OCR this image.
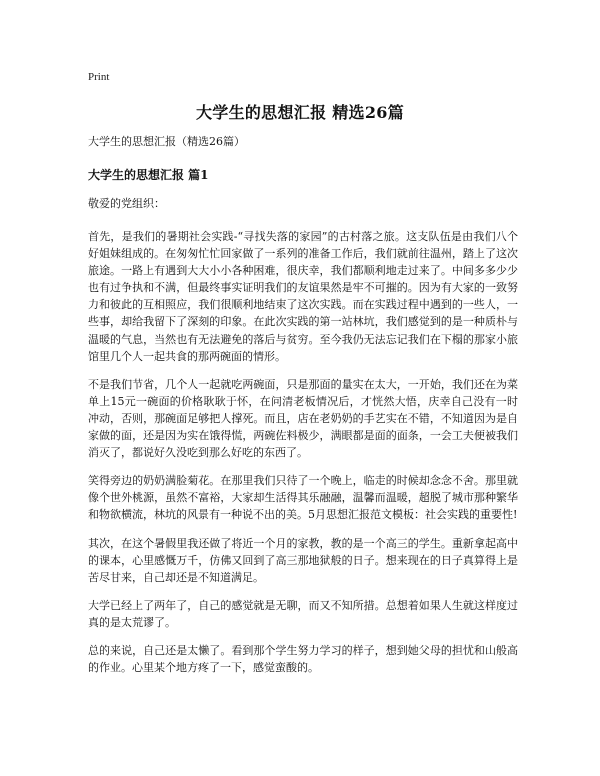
Print
大学生的思想汇报 精选26篇

大学生的思想汇报（精选26篇）

大学生的思想汇报 篇1

敬爱的党组织：

首先，是我们的暑期社会实践-“寻找失落的家园”的古村落之旅。这支队伍是由我们八个好姐妹组成的。在匆匆忙忙回家做了一系列的准备工作后，我们就前往温州，踏上了这次旅途。一路上有遇到大大小小各种困难，很庆幸，我们都顺利地走过来了。中间多多少少也有过争执和不满，但最终事实证明我们的友谊果然是牢不可摧的。因为有大家的一致努力和彼此的互相照应，我们很顺利地结束了这次实践。而在实践过程中遇到的一些人，一些事，却给我留下了深刻的印象。在此次实践的第一站林坑，我们感觉到的是一种质朴与温暖的气息，当然也有无法避免的落后与贫穷。至今我仍无法忘记我们在下榻的那家小旅馆里几个人一起共食的那两碗面的情形。

不是我们节省，几个人一起就吃两碗面，只是那面的量实在太大，一开始，我们还在为菜单上15元一碗面的价格耿耿于怀，在问清老板情况后，才恍然大悟，庆幸自己没有一时冲动，否则，那碗面足够把人撑死。而且，店在老奶奶的手艺实在不错，不知道因为是自家做的面，还是因为实在饿得慌，两碗佐料极少，满眼都是面的面条，一会工夫便被我们消灭了，都说好久没吃到那么好吃的东西了。

笑得旁边的奶奶满脸菊花。在那里我们只待了一个晚上，临走的时候却念念不舍。那里就像个世外桃源，虽然不富裕，大家却生活得其乐融融，温馨而温暖，超脱了城市那种繁华和物欲横流，林坑的风景有一种说不出的美。5月思想汇报范文模板：社会实践的重要性!

其次，在这个暑假里我还做了将近一个月的家教，教的是一个高三的学生。重新拿起高中的课本，心里感慨万千，仿佛又回到了高三那地狱般的日子。想来现在的日子真算得上是苦尽甘来，自己却还是不知道满足。

大学已经上了两年了，自己的感觉就是无聊，而又不知所措。总想着如果人生就这样度过真的是太荒谬了。

总的来说，自己还是太懒了。看到那个学生努力学习的样子，想到她父母的担忧和山般高的作业。心里某个地方疼了一下，感觉蛮酸的。
